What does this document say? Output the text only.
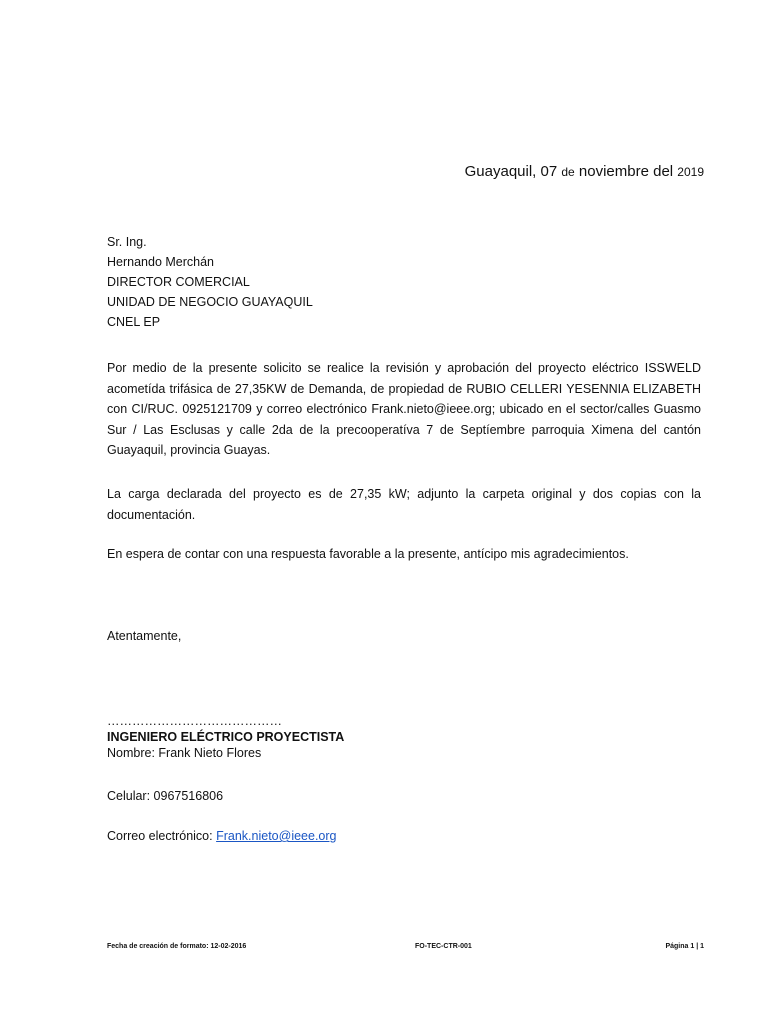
Guayaquil, 07 de noviembre del 2019
Sr. Ing.
Hernando Merchán
DIRECTOR COMERCIAL
UNIDAD DE NEGOCIO GUAYAQUIL
CNEL EP

Por medio de la presente solicito se realice la revisión y aprobación del proyecto eléctrico ISSWELD acometída trifásica de 27,35KW de Demanda, de propiedad de RUBIO CELLERI YESENNIA ELIZABETH con CI/RUC. 0925121709 y correo electrónico Frank.nieto@ieee.org; ubicado en el sector/calles Guasmo Sur / Las Esclusas y calle 2da de la precooperatíva 7 de Septíembre parroquia Ximena del cantón Guayaquil, provincia Guayas.

La carga declarada del proyecto es de 27,35 kW; adjunto la carpeta original y dos copias con la documentación.

En espera de contar con una respuesta favorable a la presente, antícipo mis agradecimientos.

Atentamente,
……………………………………
INGENIERO ELÉCTRICO PROYECTISTA
Nombre: Frank Nieto Flores
Celular: 0967516806
Correo electrónico: Frank.nieto@ieee.org
Fecha de creación de formato: 12-02-2016	FO-TEC-CTR-001	Página 1 | 1
